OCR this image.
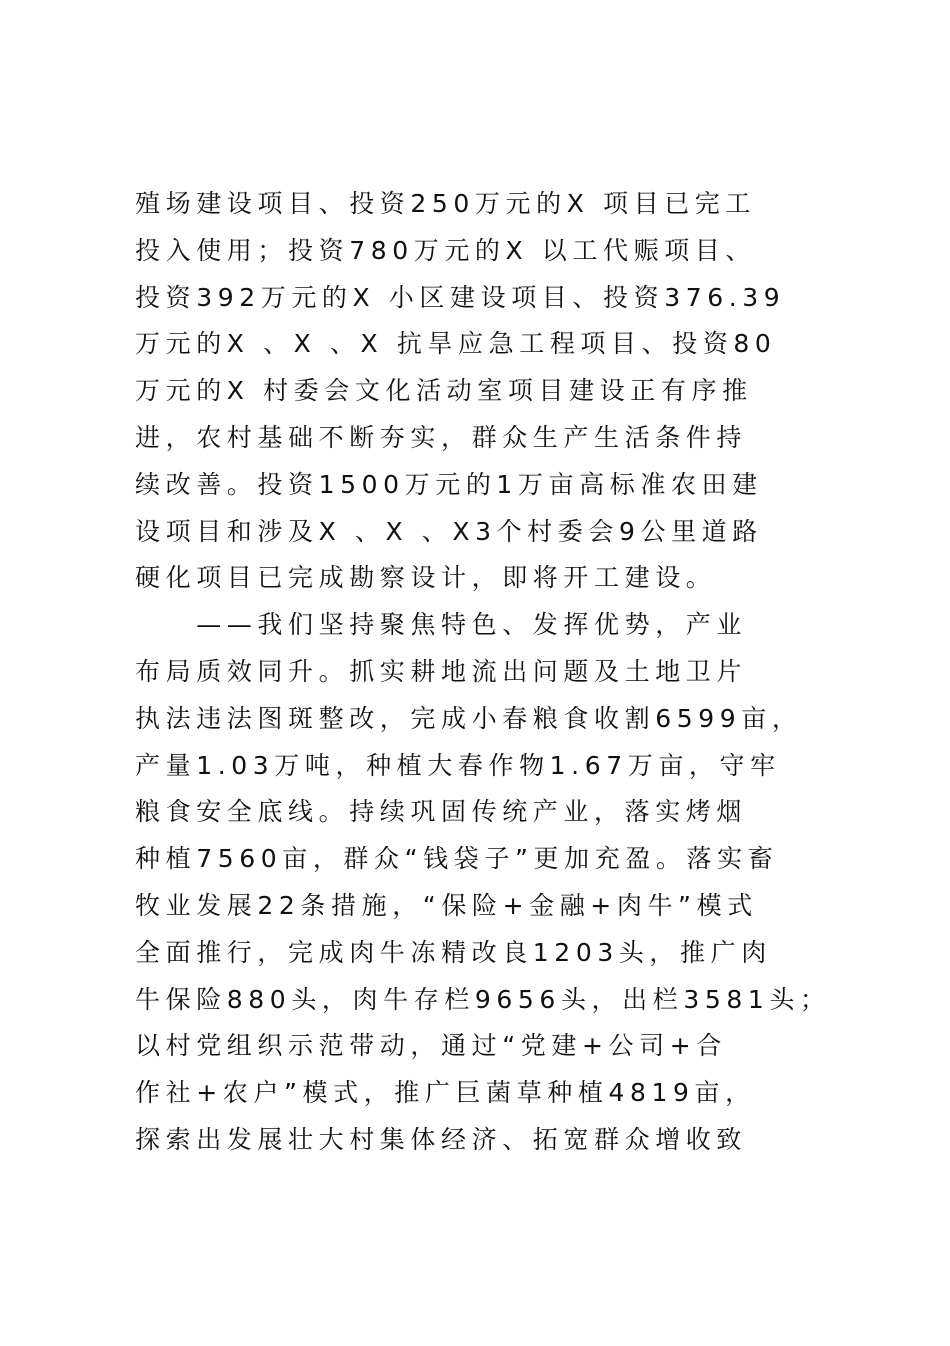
殖场建设项目、投资250万元的X 项目已完工
投入使用；投资780万元的X 以工代赈项目、
投资392万元的X 小区建设项目、投资376.39
万元的X 、X 、X 抗旱应急工程项目、投资80
万元的X 村委会文化活动室项目建设正有序推
进，农村基础不断夯实，群众生产生活条件持
续改善。投资1500万元的1万亩高标准农田建
设项目和涉及X 、X 、X3个村委会9公里道路
硬化项目已完成勘察设计，即将开工建设。
　　——我们坚持聚焦特色、发挥优势，产业
布局质效同升。抓实耕地流出问题及土地卫片
执法违法图斑整改，完成小春粮食收割6599亩，
产量1.03万吨，种植大春作物1.67万亩，守牢
粮食安全底线。持续巩固传统产业，落实烤烟
种植7560亩，群众“钱袋子”更加充盈。落实畜
牧业发展22条措施，“保险+金融+肉牛”模式
全面推行，完成肉牛冻精改良1203头，推广肉
牛保险880头，肉牛存栏9656头，出栏3581头；
以村党组织示范带动，通过“党建+公司+合
作社+农户”模式，推广巨菌草种植4819亩，
探索出发展壮大村集体经济、拓宽群众增收致
